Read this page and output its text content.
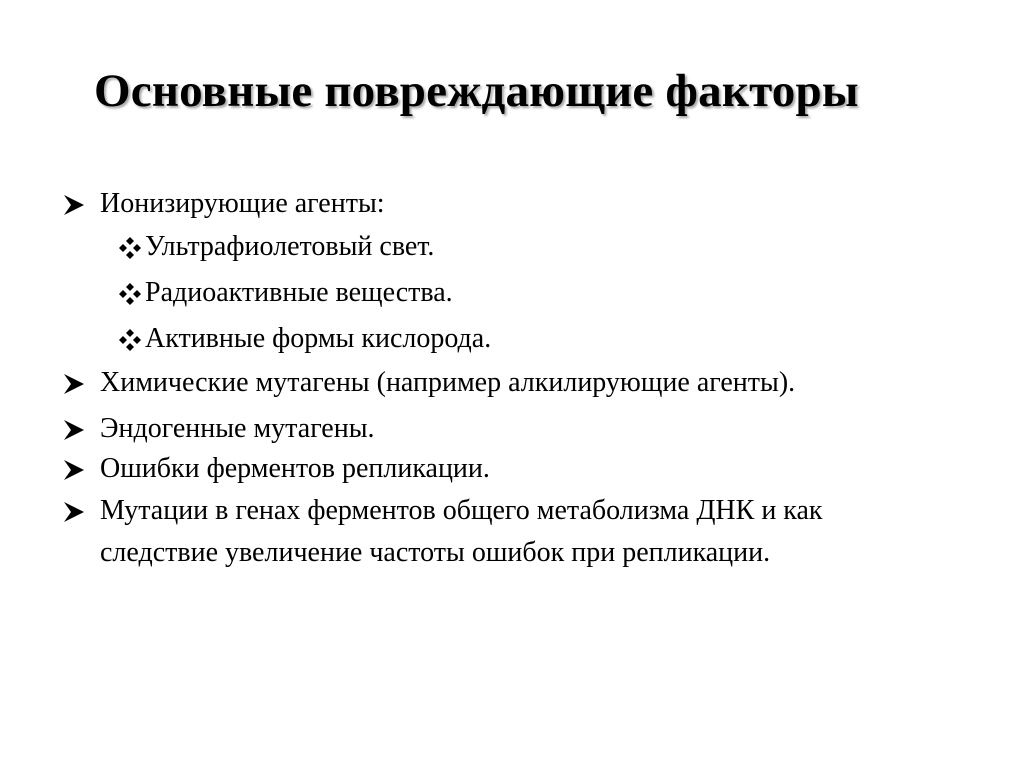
Основные повреждающие факторы
Ионизирующие агенты:
Ультрафиолетовый свет.
Радиоактивные вещества.
Активные формы кислорода.
Химические мутагены (например алкилирующие агенты).
Эндогенные мутагены.
Ошибки ферментов репликации.
Мутации в генах ферментов общего метаболизма ДНК и как
следствие увеличение частоты ошибок при репликации.
